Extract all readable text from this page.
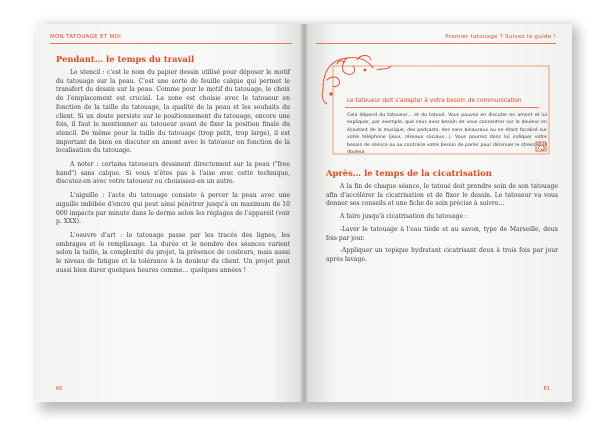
MON TATOUAGE ET MOI
Pendant… le temps du travail

Le stencil : c'est le nom du papier dessin utilisé pour déposer le motif du tatouage sur la peau. C'est une sorte de feuille calque qui permet le transfert du dessin sur la peau. Comme pour le motif du tatouage, le choix de l'emplacement est crucial. La zone est choisie avec le tatoueur en fonction de la taille du tatouage, la qualité de la peau et les souhaits du client. Si un doute persiste sur le positionnement du tatouage, encore une fois, il faut le mentionner au tatoueur avant de fixer la position finale du stencil. De même pour la taille du tatouage (trop petit, trop large), il est important de bien en discuter en amont avec le tatoueur en fonction de la localisation du tatouage.

A noter : certains tatoueurs dessinent directement sur la peau ("free hand") sans calque. Si vous n'êtes pas à l'aise avec cette technique, discutez-en avec votre tatoueur ou choisissez-en un autre.

L'aiguille : l'acte du tatouage consiste à percer la peau avec une aiguille imbibée d'encre qui peut ainsi pénétrer jusqu'à un maximum de 10 000 impacts par minute dans le derme selon les réglages de l'appareil (voir p. XXX).

L'oeuvre d'art : le tatouage passe par les tracés des lignes, les ombrages et le remplissage. La durée et le nombre des séances varient selon la taille, la complexité du projet, la présence de couleurs, mais aussi le niveau de fatigue et la tolérance à la douleur du client. Un projet peut aussi bien durer quelques heures comme… quelques années !

60
Premier tatouage ? Suivez le guide !
Le tatoueur doit s'adapter à votre besoin de communication
Cela dépend du tatoueur… et du tatoué. Vous pouvez en discuter en amont et lui expliquer, par exemple, que vous avez besoin de vous concentrer sur la douleur en écoutant de la musique, des podcasts, des sons binauraux ou en étant focalisé sur votre téléphone (jeux, réseaux sociaux…). Vous pourrez donc lui indiquer votre besoin de silence ou au contraire votre besoin de parler pour diminuer le stress et la douleur.
Après… le temps de la cicatrisation

A la fin de chaque séance, le tatoué doit prendre soin de son tatouage afin d'accélérer la cicatrisation et de fixer le dessin. Le tatoueur va vous donner ses conseils et une fiche de soin précise à suivre…

A faire jusqu'à cicatrisation du tatouage :

-Laver le tatouage à l'eau tiède et au savon, type de Marseille, deux fois par jour.

-Appliquer un topique hydratant cicatrisant deux à trois fois par jour après lavage.

61
